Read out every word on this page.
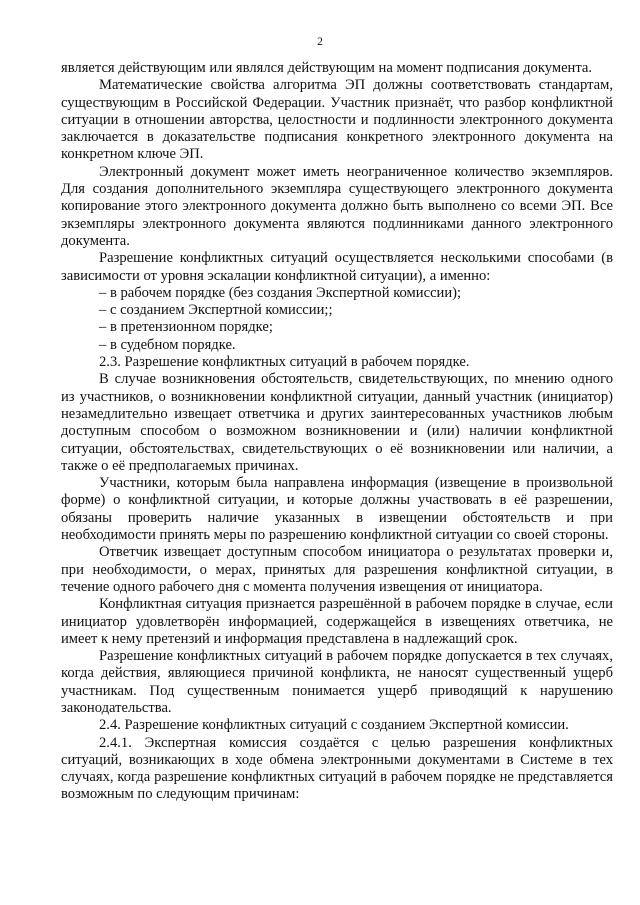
2

является действующим или являлся действующим на момент подписания документа.

Математические свойства алгоритма ЭП должны соответствовать стандартам, существующим в Российской Федерации. Участник признаёт, что разбор конфликтной ситуации в отношении авторства, целостности и подлинности электронного документа заключается в доказательстве подписания конкретного электронного документа на конкретном ключе ЭП.

Электронный документ может иметь неограниченное количество экземпляров. Для создания дополнительного экземпляра существующего электронного документа копирование этого электронного документа должно быть выполнено со всеми ЭП. Все экземпляры электронного документа являются подлинниками данного электронного документа.

Разрешение конфликтных ситуаций осуществляется несколькими способами (в зависимости от уровня эскалации конфликтной ситуации), а именно:

– в рабочем порядке (без создания Экспертной комиссии);

– с созданием Экспертной комиссии;;

– в претензионном порядке;

– в судебном порядке.

2.3. Разрешение конфликтных ситуаций в рабочем порядке.

В случае возникновения обстоятельств, свидетельствующих, по мнению одного из участников, о возникновении конфликтной ситуации, данный участник (инициатор) незамедлительно извещает ответчика и других заинтересованных участников любым доступным способом о возможном возникновении и (или) наличии конфликтной ситуации, обстоятельствах, свидетельствующих о её возникновении или наличии, а также о её предполагаемых причинах.

Участники, которым была направлена информация (извещение в произвольной форме) о конфликтной ситуации, и которые должны участвовать в её разрешении, обязаны проверить наличие указанных в извещении обстоятельств и при необходимости принять меры по разрешению конфликтной ситуации со своей стороны.

Ответчик извещает доступным способом инициатора о результатах проверки и, при необходимости, о мерах, принятых для разрешения конфликтной ситуации, в течение одного рабочего дня с момента получения извещения от инициатора.

Конфликтная ситуация признается разрешённой в рабочем порядке в случае, если инициатор удовлетворён информацией, содержащейся в извещениях ответчика, не имеет к нему претензий и информация представлена в надлежащий срок.

Разрешение конфликтных ситуаций в рабочем порядке допускается в тех случаях, когда действия, являющиеся причиной конфликта, не наносят существенный ущерб участникам. Под существенным понимается ущерб приводящий к нарушению законодательства.

2.4. Разрешение конфликтных ситуаций с созданием Экспертной комиссии.

2.4.1. Экспертная комиссия создаётся с целью разрешения конфликтных ситуаций, возникающих в ходе обмена электронными документами в Системе в тех случаях, когда разрешение конфликтных ситуаций в рабочем порядке не представляется возможным по следующим причинам:
